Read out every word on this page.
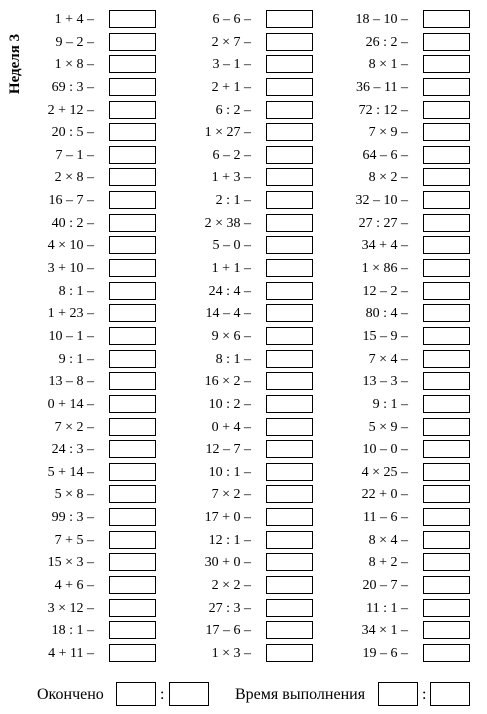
Неделя 3
1 + 4 –
9 – 2 –
1 × 8 –
69 : 3 –
2 + 12 –
20 : 5 –
7 – 1 –
2 × 8 –
16 – 7 –
40 : 2 –
4 × 10 –
3 + 10 –
8 : 1 –
1 + 23 –
10 – 1 –
9 : 1 –
13 – 8 –
0 + 14 –
7 × 2 –
24 : 3 –
5 + 14 –
5 × 8 –
99 : 3 –
7 + 5 –
15 × 3 –
4 + 6 –
3 × 12 –
18 : 1 –
4 + 11 –
6 – 6 –
2 × 7 –
3 – 1 –
2 + 1 –
6 : 2 –
1 × 27 –
6 – 2 –
1 + 3 –
2 : 1 –
2 × 38 –
5 – 0 –
1 + 1 –
24 : 4 –
14 – 4 –
9 × 6 –
8 : 1 –
16 × 2 –
10 : 2 –
0 + 4 –
12 – 7 –
10 : 1 –
7 × 2 –
17 + 0 –
12 : 1 –
30 + 0 –
2 × 2 –
27 : 3 –
17 – 6 –
1 × 3 –
18 – 10 –
26 : 2 –
8 × 1 –
36 – 11 –
72 : 12 –
7 × 9 –
64 – 6 –
8 × 2 –
32 – 10 –
27 : 27 –
34 + 4 –
1 × 86 –
12 – 2 –
80 : 4 –
15 – 9 –
7 × 4 –
13 – 3 –
9 : 1 –
5 × 9 –
10 – 0 –
4 × 25 –
22 + 0 –
11 – 6 –
8 × 4 –
8 + 2 –
20 – 7 –
11 : 1 –
34 × 1 –
19 – 6 –
Окончено	:	Время выполнения	:
